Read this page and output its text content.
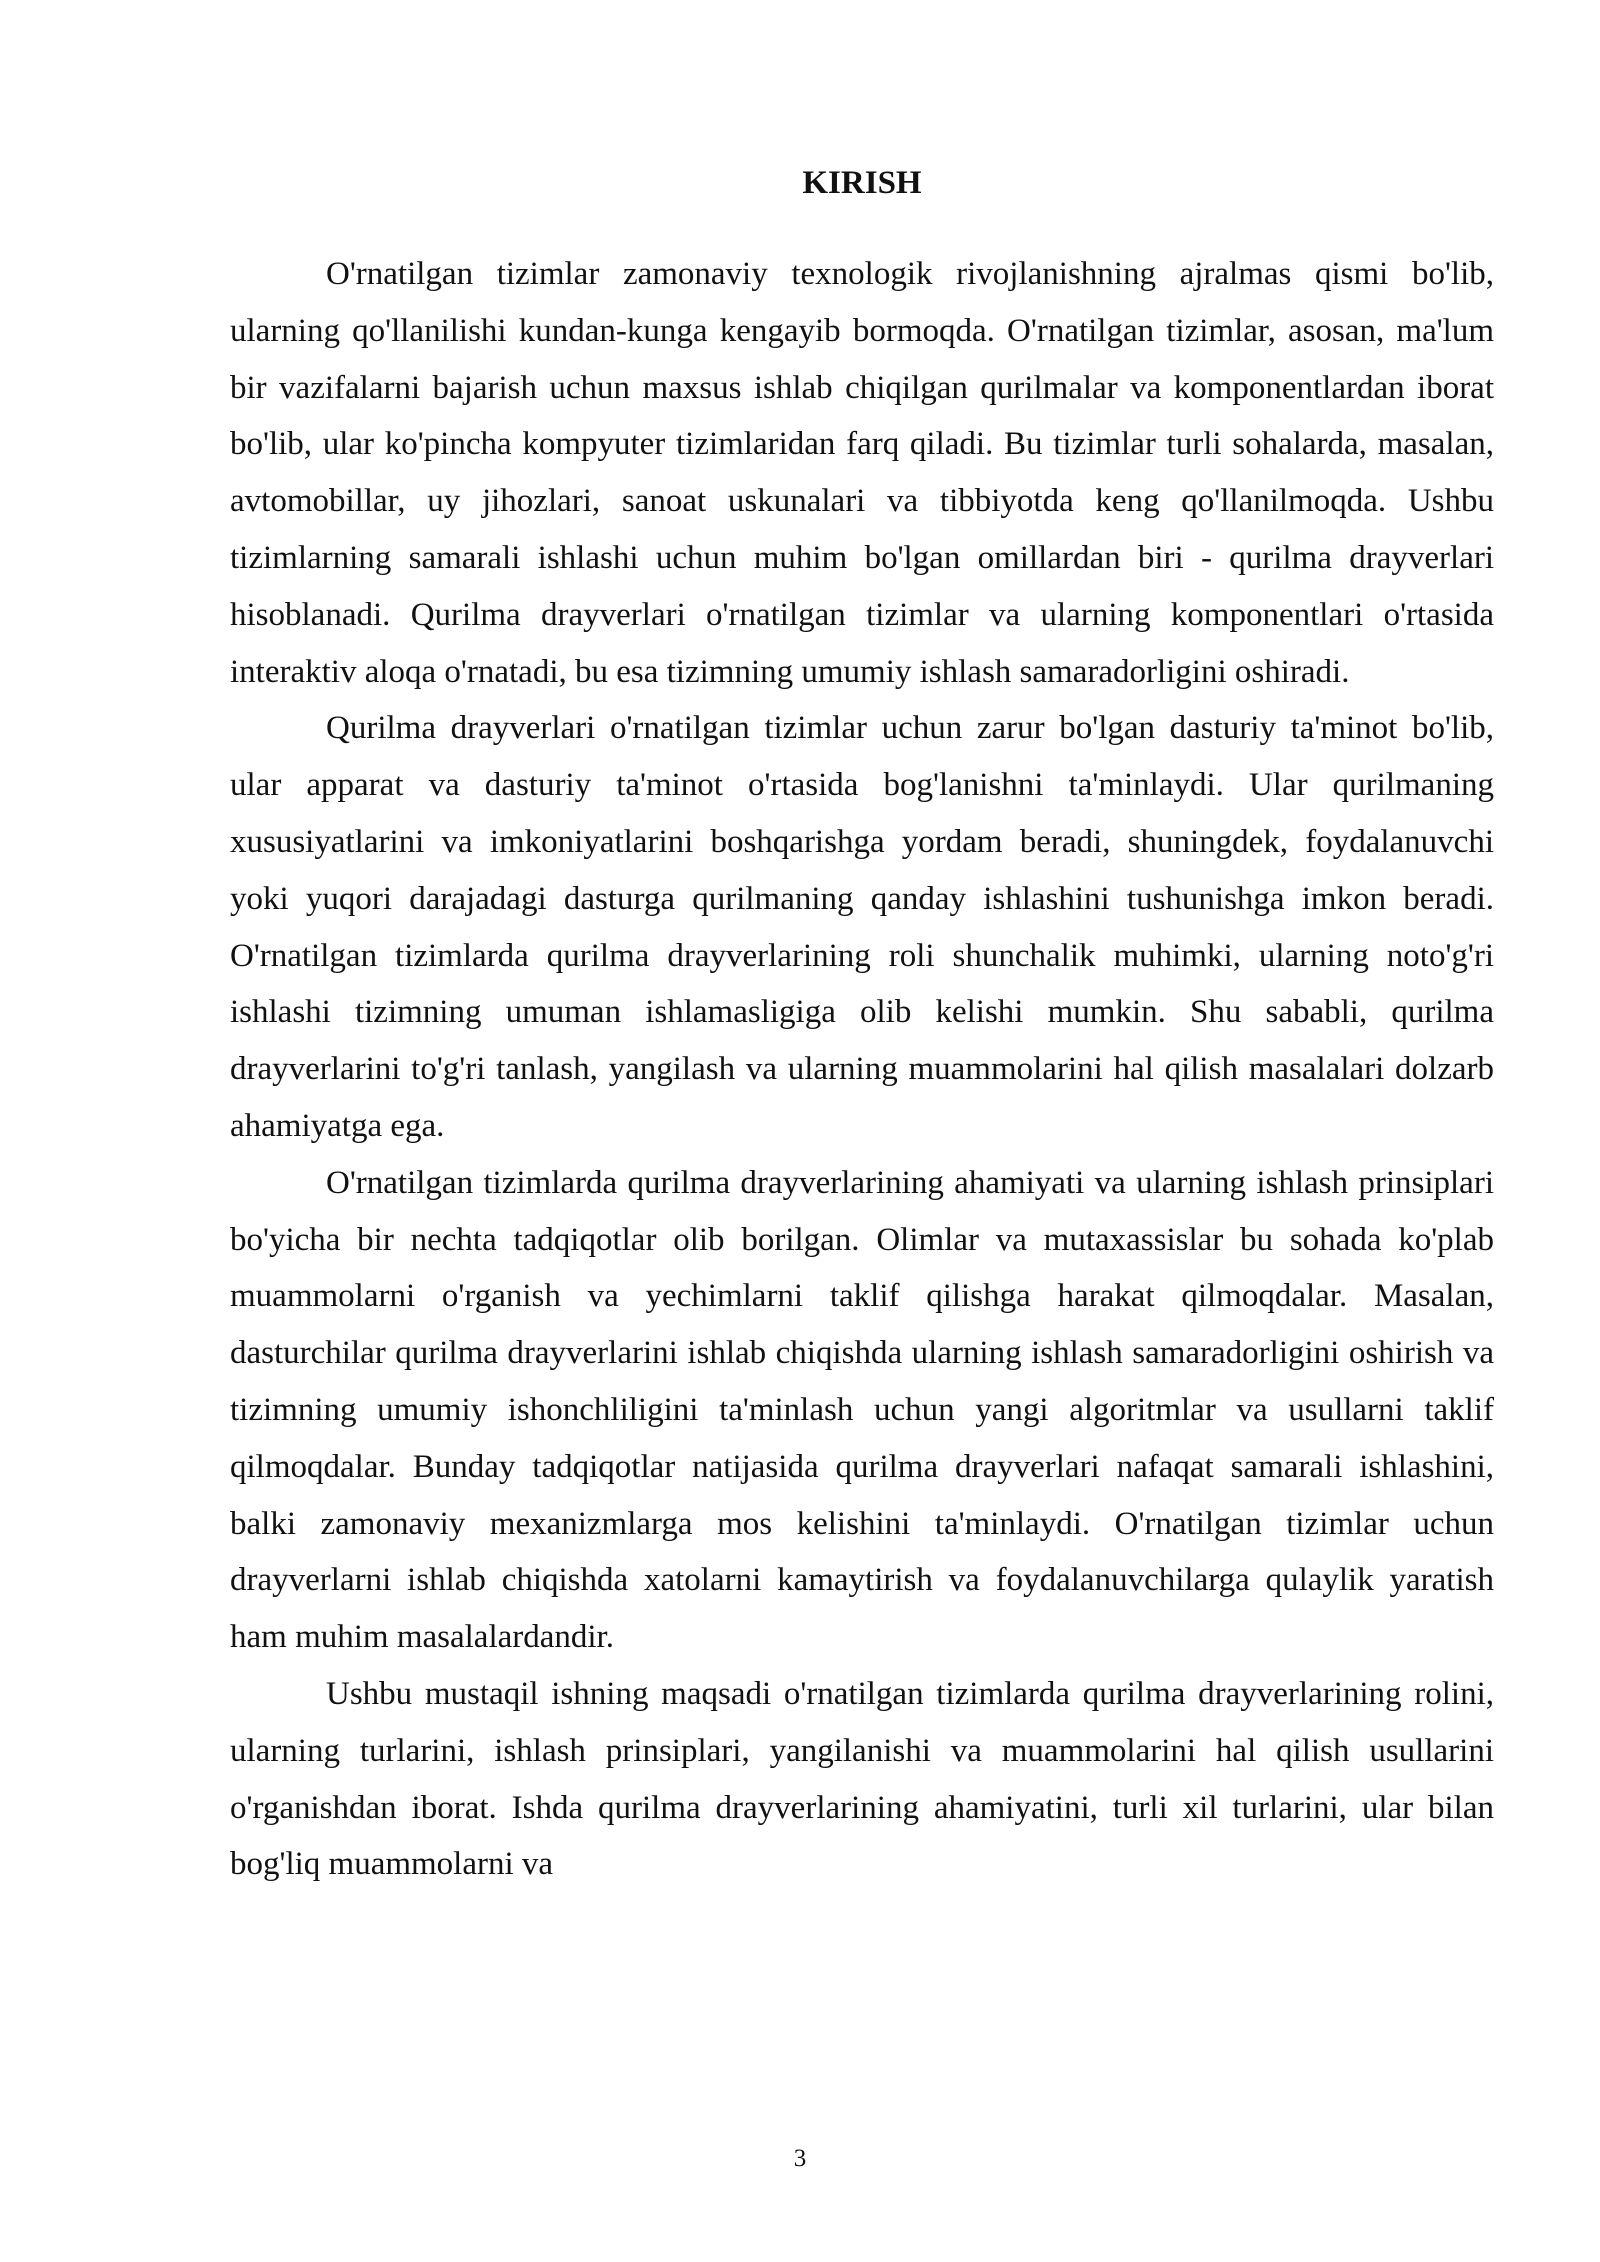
KIRISH

O'rnatilgan tizimlar zamonaviy texnologik rivojlanishning ajralmas qismi bo'lib, ularning qo'llanilishi kundan-kunga kengayib bormoqda. O'rnatilgan tizimlar, asosan, ma'lum bir vazifalarni bajarish uchun maxsus ishlab chiqilgan qurilmalar va komponentlardan iborat bo'lib, ular ko'pincha kompyuter tizimlaridan farq qiladi. Bu tizimlar turli sohalarda, masalan, avtomobillar, uy jihozlari, sanoat uskunalari va tibbiyotda keng qo'llanilmoqda. Ushbu tizimlarning samarali ishlashi uchun muhim bo'lgan omillardan biri - qurilma drayverlari hisoblanadi. Qurilma drayverlari o'rnatilgan tizimlar va ularning komponentlari o'rtasida interaktiv aloqa o'rnatadi, bu esa tizimning umumiy ishlash samaradorligini oshiradi.

Qurilma drayverlari o'rnatilgan tizimlar uchun zarur bo'lgan dasturiy ta'minot bo'lib, ular apparat va dasturiy ta'minot o'rtasida bog'lanishni ta'minlaydi. Ular qurilmaning xususiyatlarini va imkoniyatlarini boshqarishga yordam beradi, shuningdek, foydalanuvchi yoki yuqori darajadagi dasturga qurilmaning qanday ishlashini tushunishga imkon beradi. O'rnatilgan tizimlarda qurilma drayverlarining roli shunchalik muhimki, ularning noto'g'ri ishlashi tizimning umuman ishlamasligiga olib kelishi mumkin. Shu sababli, qurilma drayverlarini to'g'ri tanlash, yangilash va ularning muammolarini hal qilish masalalari dolzarb ahamiyatga ega.

O'rnatilgan tizimlarda qurilma drayverlarining ahamiyati va ularning ishlash prinsiplari bo'yicha bir nechta tadqiqotlar olib borilgan. Olimlar va mutaxassislar bu sohada ko'plab muammolarni o'rganish va yechimlarni taklif qilishga harakat qilmoqdalar. Masalan, dasturchilar qurilma drayverlarini ishlab chiqishda ularning ishlash samaradorligini oshirish va tizimning umumiy ishonchliligini ta'minlash uchun yangi algoritmlar va usullarni taklif qilmoqdalar. Bunday tadqiqotlar natijasida qurilma drayverlari nafaqat samarali ishlashini, balki zamonaviy mexanizmlarga mos kelishini ta'minlaydi. O'rnatilgan tizimlar uchun drayverlarni ishlab chiqishda xatolarni kamaytirish va foydalanuvchilarga qulaylik yaratish ham muhim masalalardandir.

Ushbu mustaqil ishning maqsadi o'rnatilgan tizimlarda qurilma drayverlarining rolini, ularning turlarini, ishlash prinsiplari, yangilanishi va muammolarini hal qilish usullarini o'rganishdan iborat. Ishda qurilma drayverlarining ahamiyatini, turli xil turlarini, ular bilan bog'liq muammolarni va

3
